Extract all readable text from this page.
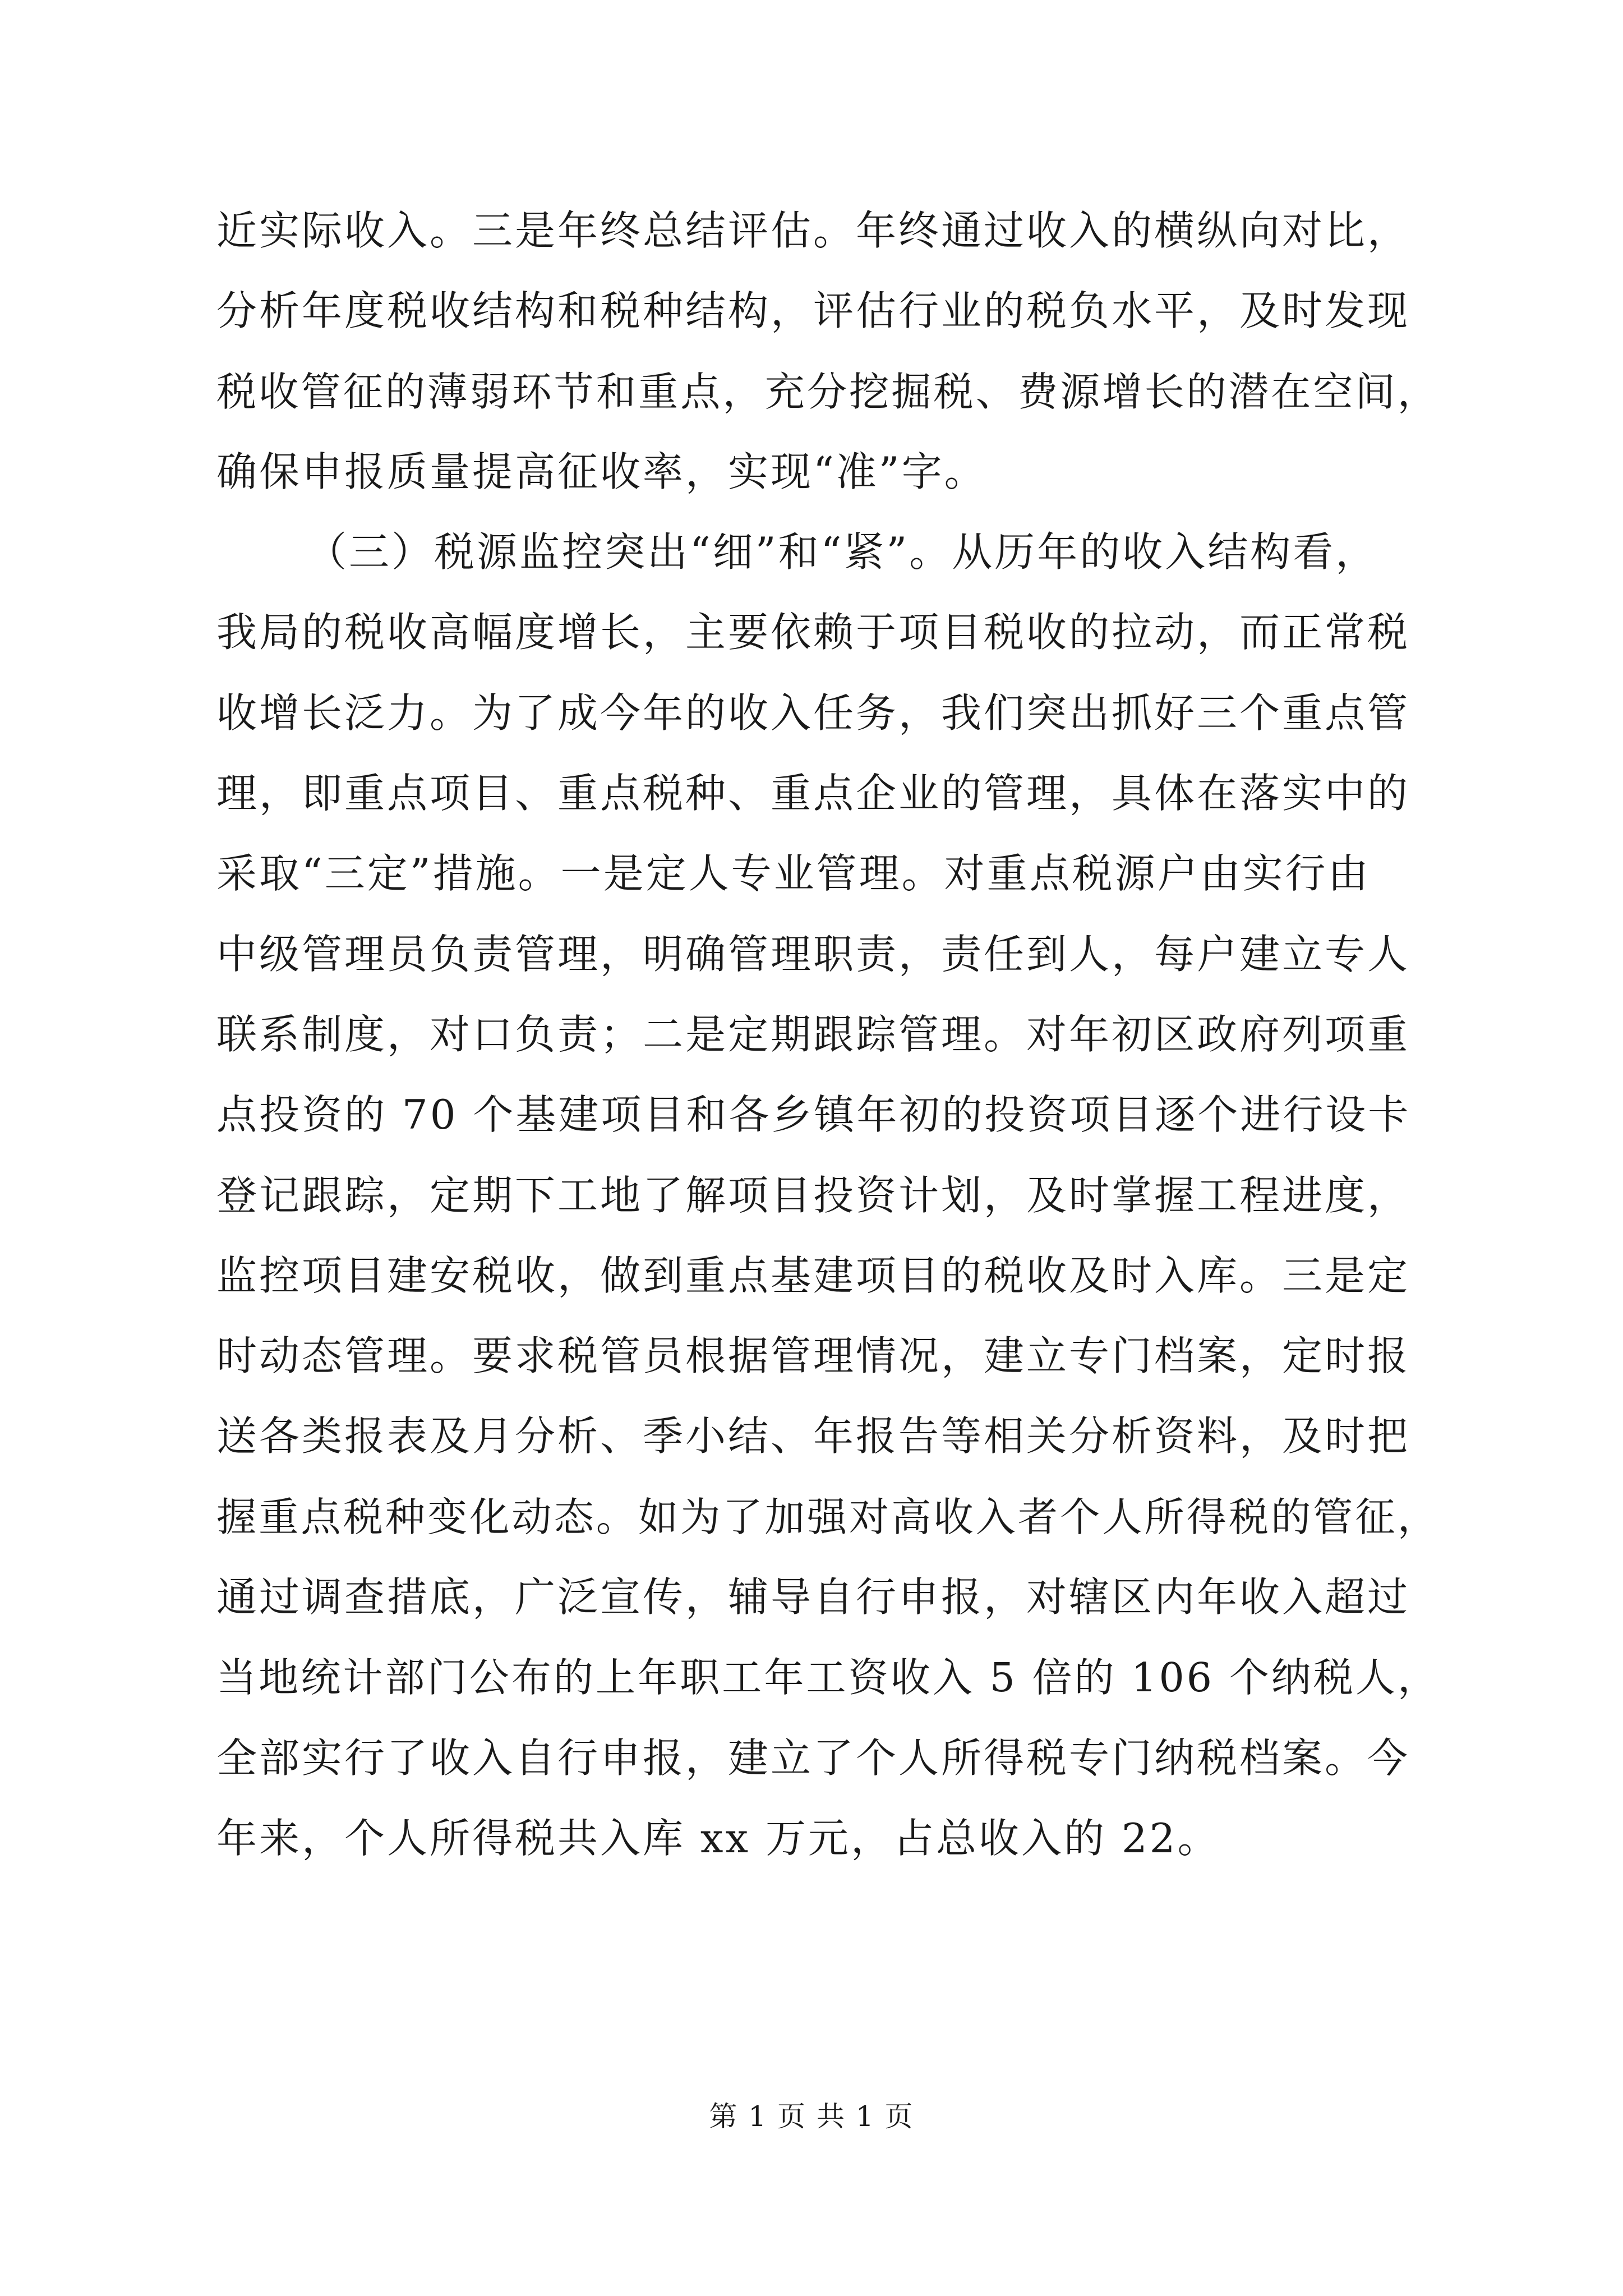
近实际收入。三是年终总结评估。年终通过收入的横纵向对比，
分析年度税收结构和税种结构，评估行业的税负水平，及时发现
税收管征的薄弱环节和重点，充分挖掘税、费源增长的潜在空间，
确保申报质量提高征收率，实现“准”字。
（三）税源监控突出“细”和“紧”。从历年的收入结构看，
我局的税收高幅度增长，主要依赖于项目税收的拉动，而正常税
收增长泛力。为了成今年的收入任务，我们突出抓好三个重点管
理，即重点项目、重点税种、重点企业的管理，具体在落实中的
采取“三定”措施。一是定人专业管理。对重点税源户由实行由
中级管理员负责管理，明确管理职责，责任到人，每户建立专人
联系制度，对口负责；二是定期跟踪管理。对年初区政府列项重
点投资的 70 个基建项目和各乡镇年初的投资项目逐个进行设卡
登记跟踪，定期下工地了解项目投资计划，及时掌握工程进度，
监控项目建安税收，做到重点基建项目的税收及时入库。三是定
时动态管理。要求税管员根据管理情况，建立专门档案，定时报
送各类报表及月分析、季小结、年报告等相关分析资料，及时把
握重点税种变化动态。如为了加强对高收入者个人所得税的管征，
通过调查措底，广泛宣传，辅导自行申报，对辖区内年收入超过
当地统计部门公布的上年职工年工资收入 5 倍的 106 个纳税人，
全部实行了收入自行申报，建立了个人所得税专门纳税档案。今
年来，个人所得税共入库 xx 万元，占总收入的 22。
第 1 页 共 1 页
